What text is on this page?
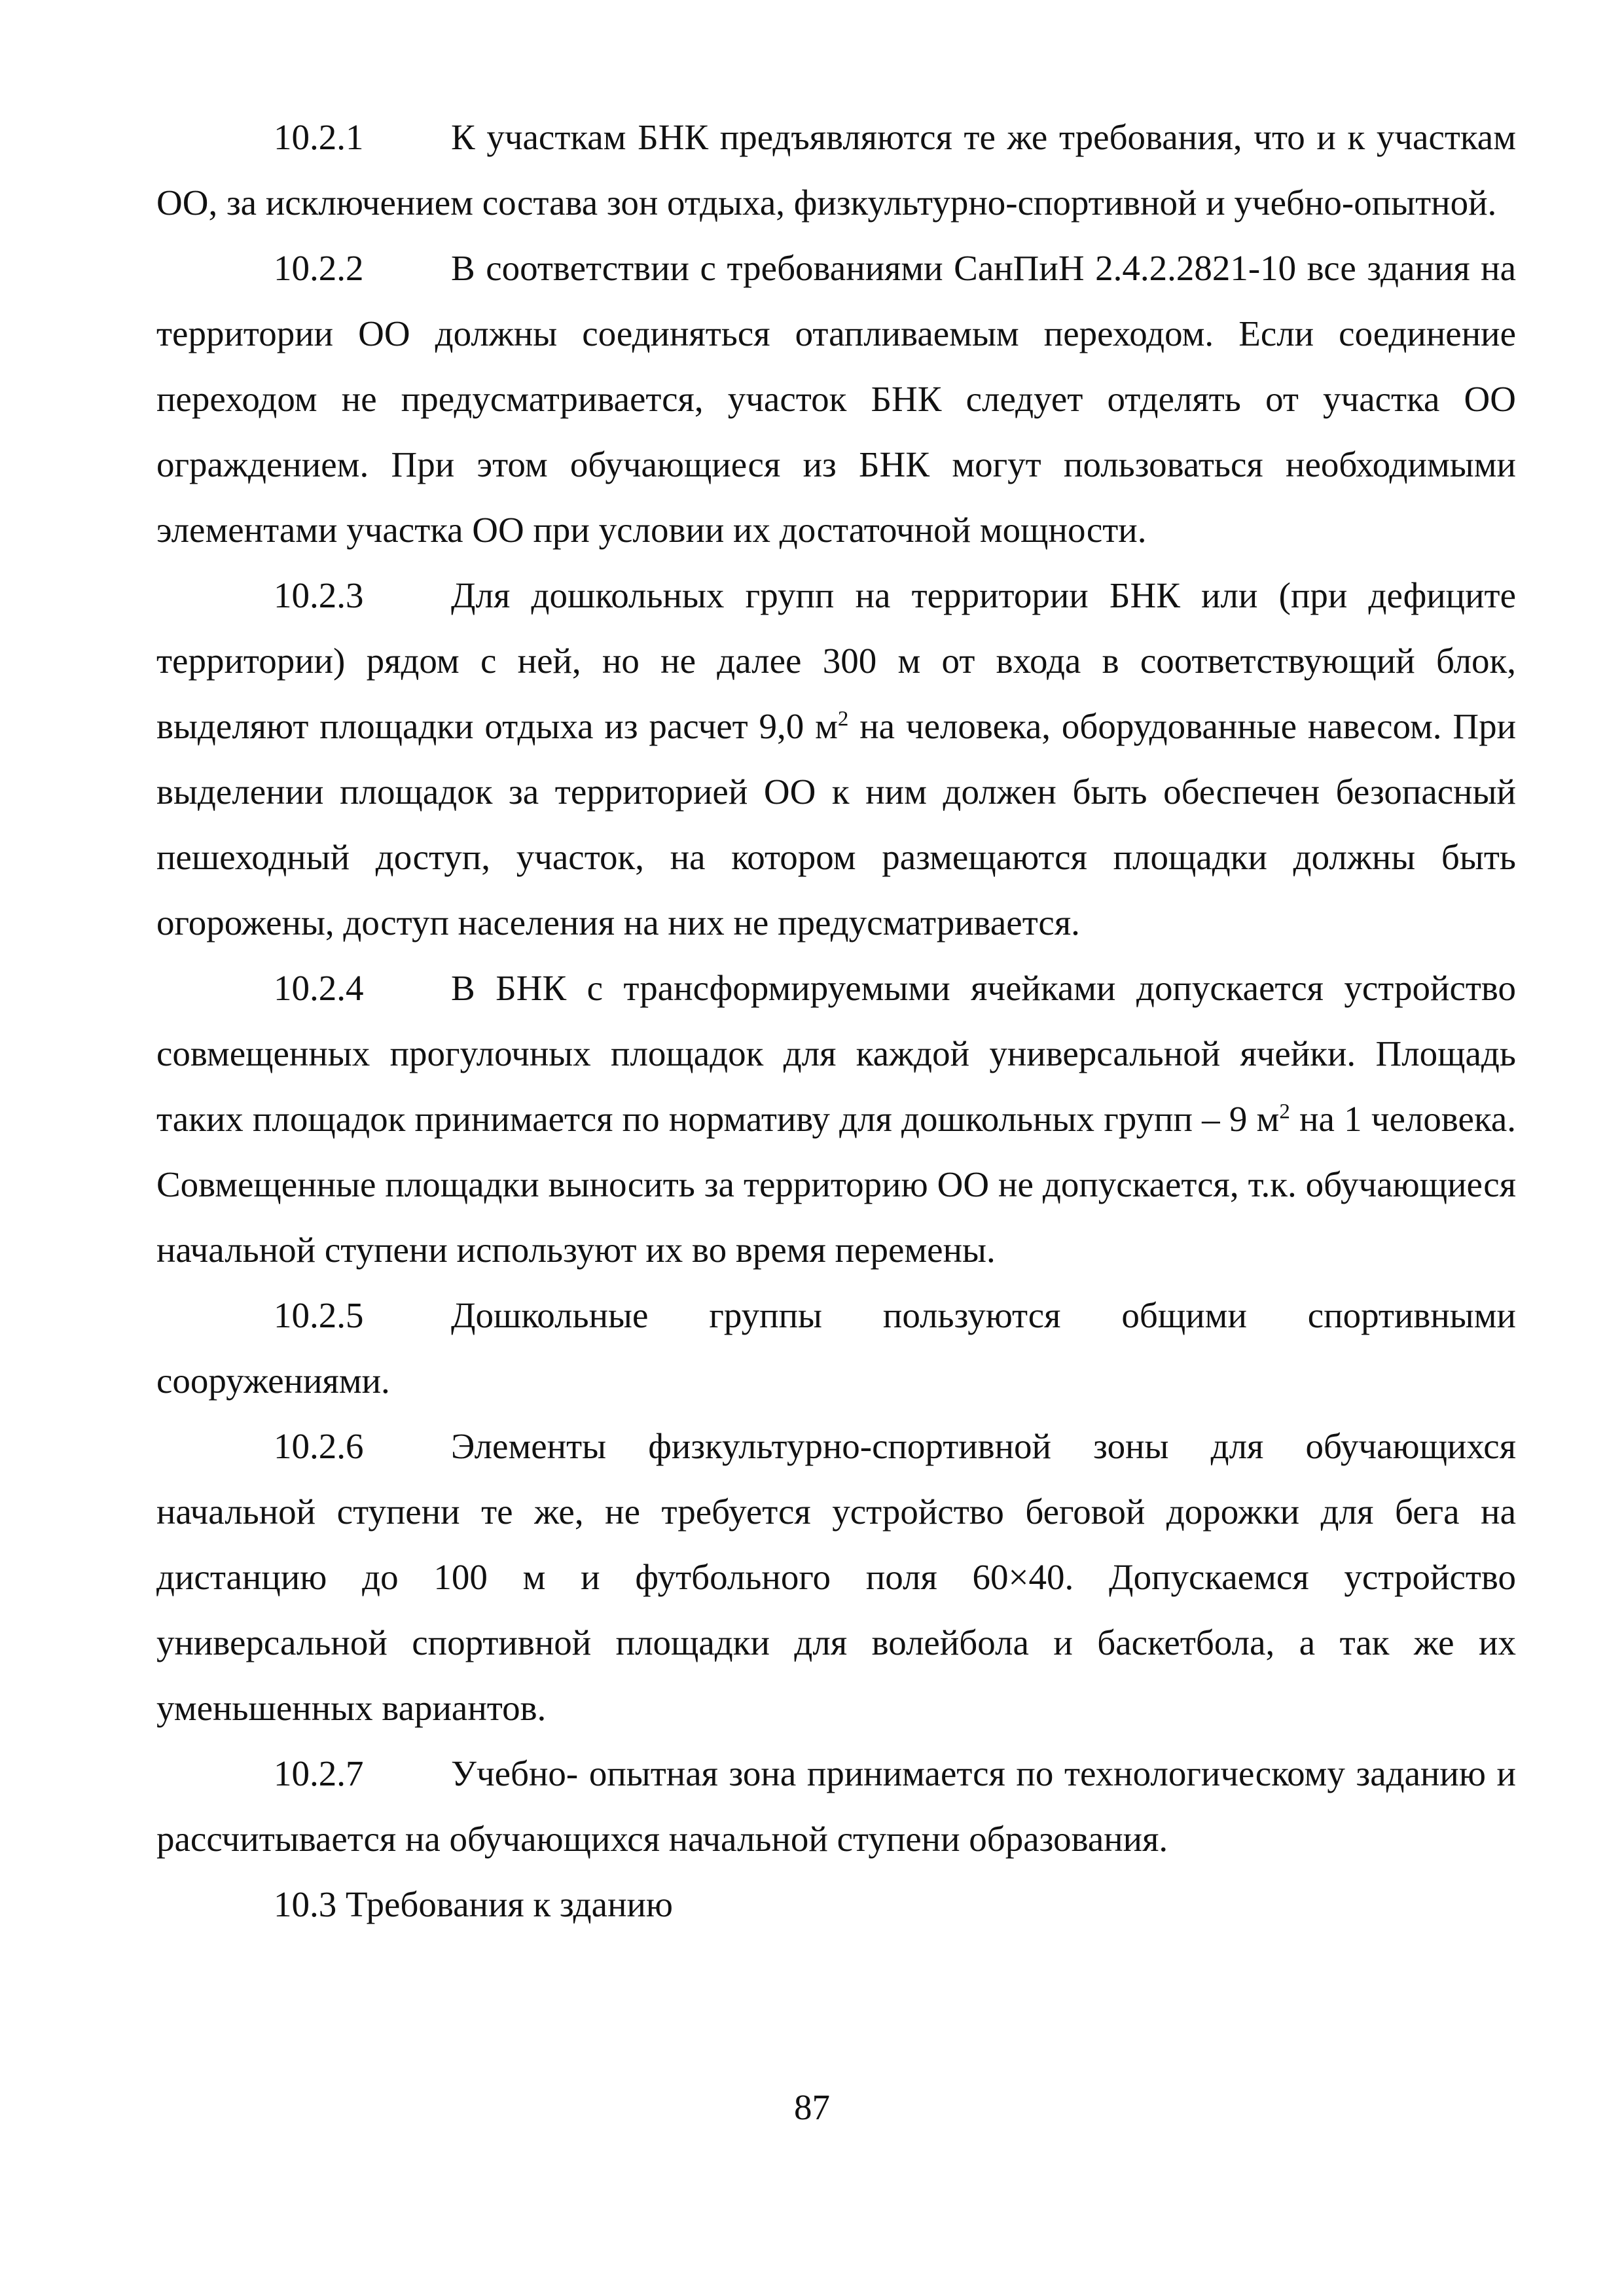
10.2.1 К участкам БНК предъявляются те же требования, что и к участкам ОО, за исключением состава зон отдыха, физкультурно-спортивной и учебно-опытной.

10.2.2 В соответствии с требованиями СанПиН 2.4.2.2821-10 все здания на территории ОО должны соединяться отапливаемым переходом. Если соединение переходом не предусматривается, участок БНК следует отделять от участка ОО ограждением. При этом обучающиеся из БНК могут пользоваться необходимыми элементами участка ОО при условии их достаточной мощности.

10.2.3 Для дошкольных групп на территории БНК или (при дефиците территории) рядом с ней, но не далее 300 м от входа в соответствующий блок, выделяют площадки отдыха из расчет 9,0 $м^2$ на человека, оборудованные навесом. При выделении площадок за территорией ОО к ним должен быть обеспечен безопасный пешеходный доступ, участок, на котором размещаются площадки должны быть огорожены, доступ населения на них не предусматривается.

10.2.4 В БНК с трансформируемыми ячейками допускается устройство совмещенных прогулочных площадок для каждой универсальной ячейки. Площадь таких площадок принимается по нормативу для дошкольных групп – 9 $м^2$ на 1 человека. Совмещенные площадки выносить за территорию ОО не допускается, т.к. обучающиеся начальной ступени используют их во время перемены.

10.2.5 Дошкольные группы пользуются общими спортивными сооружениями.

10.2.6 Элементы физкультурно-спортивной зоны для обучающихся начальной ступени те же, не требуется устройство беговой дорожки для бега на дистанцию до 100 м и футбольного поля 60×40. Допускаемся устройство универсальной спортивной площадки для волейбола и баскетбола, а так же их уменьшенных вариантов.

10.2.7 Учебно- опытная зона принимается по технологическому заданию и рассчитывается на обучающихся начальной ступени образования.

10.3 Требования к зданию

87
